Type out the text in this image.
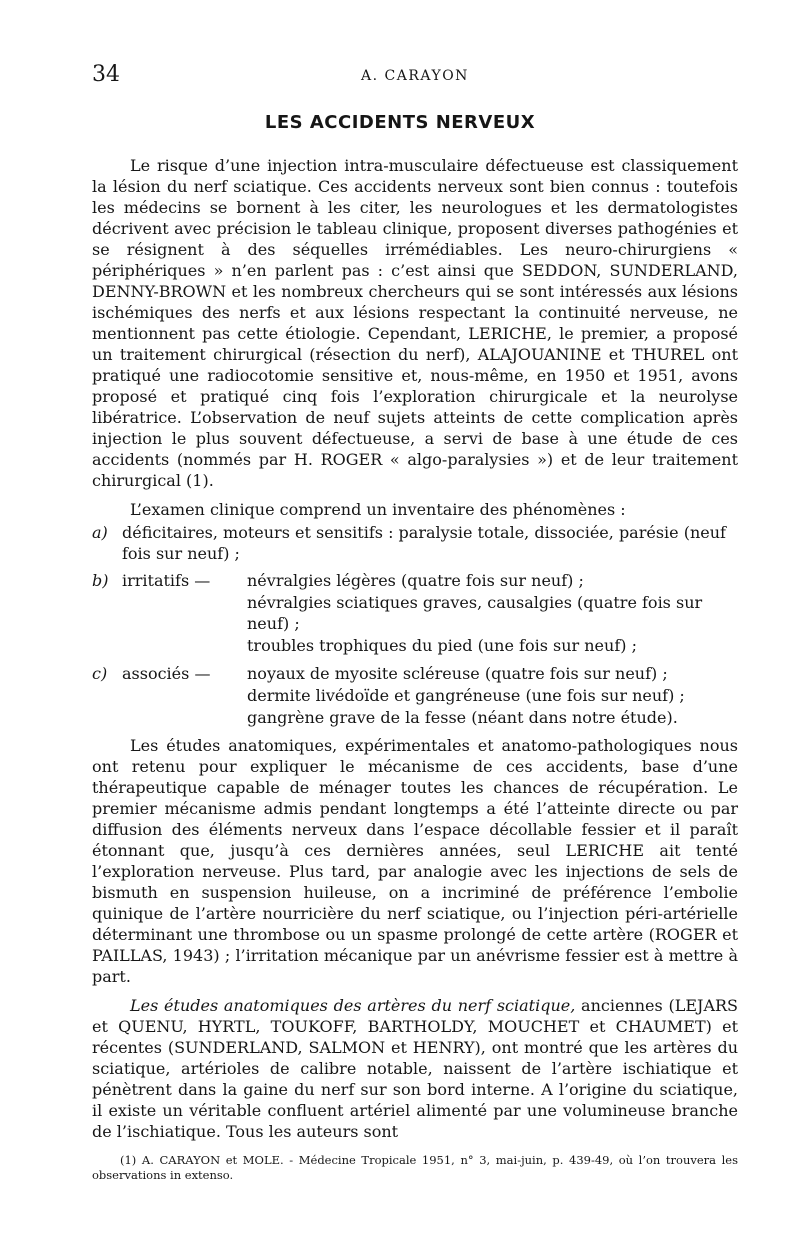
34	A. CARAYON
LES ACCIDENTS NERVEUX

Le risque d’une injection intra-musculaire défectueuse est classiquement la lésion du nerf sciatique. Ces accidents nerveux sont bien connus : toutefois les médecins se bornent à les citer, les neurologues et les dermatologistes décrivent avec précision le tableau clinique, proposent diverses pathogénies et se résignent à des séquelles irrémédiables. Les neuro-chirurgiens « périphériques » n’en parlent pas : c’est ainsi que SEDDON, SUNDERLAND, DENNY-BROWN et les nombreux chercheurs qui se sont intéressés aux lésions ischémiques des nerfs et aux lésions respectant la continuité nerveuse, ne mentionnent pas cette étiologie. Cependant, LERICHE, le premier, a proposé un traitement chirurgical (résection du nerf), ALAJOUANINE et THUREL ont pratiqué une radiocotomie sensitive et, nous-même, en 1950 et 1951, avons proposé et pratiqué cinq fois l’exploration chirurgicale et la neurolyse libératrice. L’observation de neuf sujets atteints de cette complication après injection le plus souvent défectueuse, a servi de base à une étude de ces accidents (nommés par H. ROGER « algo-paralysies ») et de leur traitement chirurgical (1).

L’examen clinique comprend un inventaire des phénomènes :

a) déficitaires, moteurs et sensitifs : paralysie totale, dissociée, parésie (neuf fois sur neuf) ;
b) irritatifs —	névralgies légères (quatre fois sur neuf) ;
névralgies sciatiques graves, causalgies (quatre fois sur neuf) ;
troubles trophiques du pied (une fois sur neuf) ;
c) associés —	noyaux de myosite scléreuse (quatre fois sur neuf) ;
dermite livédoïde et gangréneuse (une fois sur neuf) ;
gangrène grave de la fesse (néant dans notre étude).

Les études anatomiques, expérimentales et anatomo-pathologiques nous ont retenu pour expliquer le mécanisme de ces accidents, base d’une thérapeutique capable de ménager toutes les chances de récupération. Le premier mécanisme admis pendant longtemps a été l’atteinte directe ou par diffusion des éléments nerveux dans l’espace décollable fessier et il paraît étonnant que, jusqu’à ces dernières années, seul LERICHE ait tenté l’exploration nerveuse. Plus tard, par analogie avec les injections de sels de bismuth en suspension huileuse, on a incriminé de préférence l’embolie quinique de l’artère nourricière du nerf sciatique, ou l’injection péri-artérielle déterminant une thrombose ou un spasme prolongé de cette artère (ROGER et PAILLAS, 1943) ; l’irritation mécanique par un anévrisme fessier est à mettre à part.

Les études anatomiques des artères du nerf sciatique, anciennes (LEJARS et QUENU, HYRTL, TOUKOFF, BARTHOLDY, MOUCHET et CHAUMET) et récentes (SUNDERLAND, SALMON et HENRY), ont montré que les artères du sciatique, artérioles de calibre notable, naissent de l’artère ischiatique et pénètrent dans la gaine du nerf sur son bord interne. A l’origine du sciatique, il existe un véritable confluent artériel alimenté par une volumineuse branche de l’ischiatique. Tous les auteurs sont

(1) A. CARAYON et MOLE. - Médecine Tropicale 1951, n° 3, mai-juin, p. 439-49, où l’on trouvera les observations in extenso.
